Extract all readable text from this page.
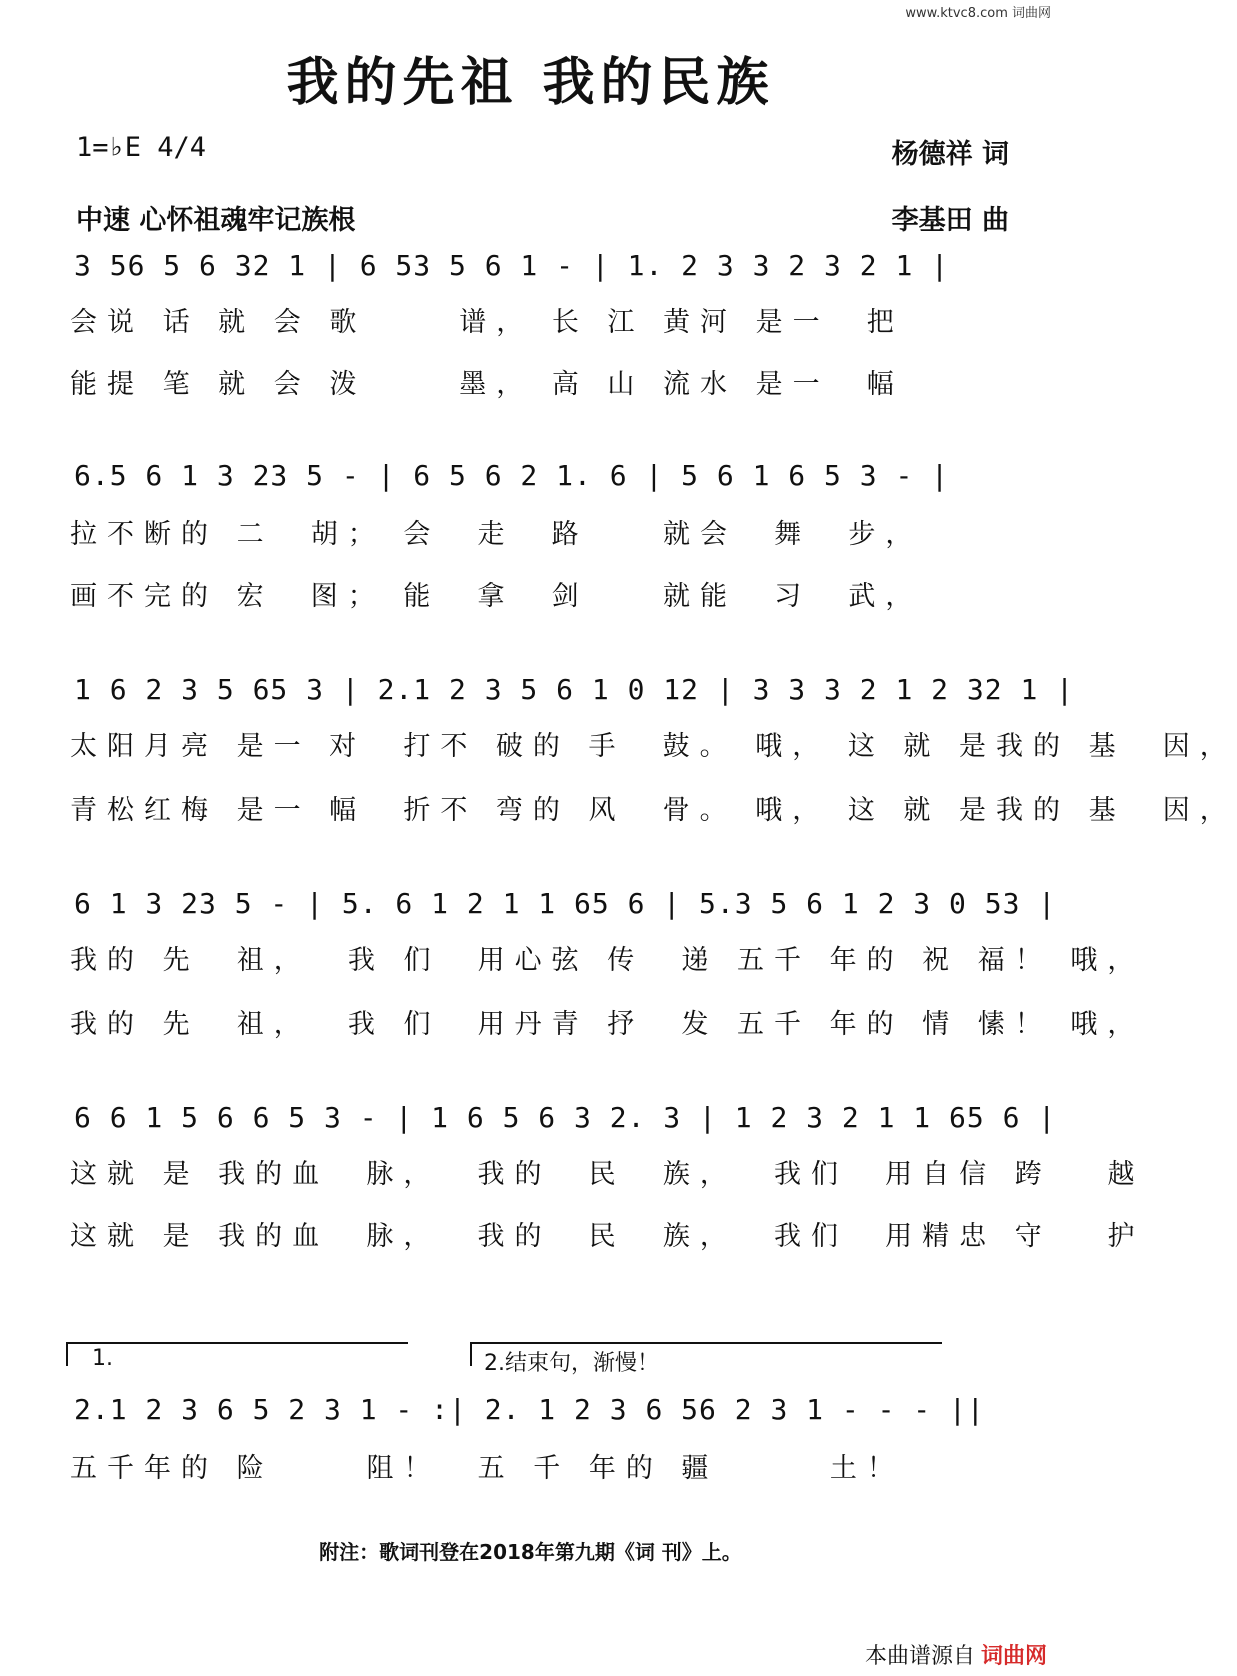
www.ktvc8.com 词曲网
我的先祖 我的民族
1=♭E 4/4	杨德祥 词
中速 心怀祖魂牢记族根	李基田 曲
3 56 5 6 32 1 | 6 53 5 6 1 - | 1. 2 3 3 2 3 2 1 |
会说 话 就 会 歌     谱， 长 江 黄河 是一  把
能提 笔 就 会 泼     墨， 高 山 流水 是一  幅
6.5 6 1 3 23 5 - | 6 5 6 2 1. 6 | 5 6 1 6 5 3 - |
拉不断的 二  胡； 会  走  路    就会  舞  步，
画不完的 宏  图； 能  拿  剑    就能  习  武，
1 6 2 3 5 65 3 | 2.1 2 3 5 6 1 0 12 | 3 3 3 2 1 2 32 1 |
太阳月亮 是一 对  打不 破的 手  鼓。 哦， 这 就 是我的 基  因，
青松红梅 是一 幅  折不 弯的 风  骨。 哦， 这 就 是我的 基  因，
6 1 3 23 5 - | 5. 6 1 2 1 1 65 6 | 5.3 5 6 1 2 3 0 53 |
我的 先  祖，  我 们  用心弦 传  递 五千 年的 祝 福！ 哦，
我的 先  祖，  我 们  用丹青 抒  发 五千 年的 情 愫！ 哦，
6 6 1 5 6 6 5 3 - | 1 6 5 6 3 2. 3 | 1 2 3 2 1 1 65 6 |
这就 是 我的血  脉，  我的  民  族，  我们  用自信 跨   越
这就 是 我的血  脉，  我的  民  族，  我们  用精忠 守   护
1.	2.结束句，渐慢！
2.1 2 3 6 5 2 3 1 - :| 2. 1 2 3 6 56 2 3 1 - - - ||
五千年的 险     阻！  五 千 年的 疆      土！
附注：歌词刊登在2018年第九期《词 刊》上。
本曲谱源自 词曲网
